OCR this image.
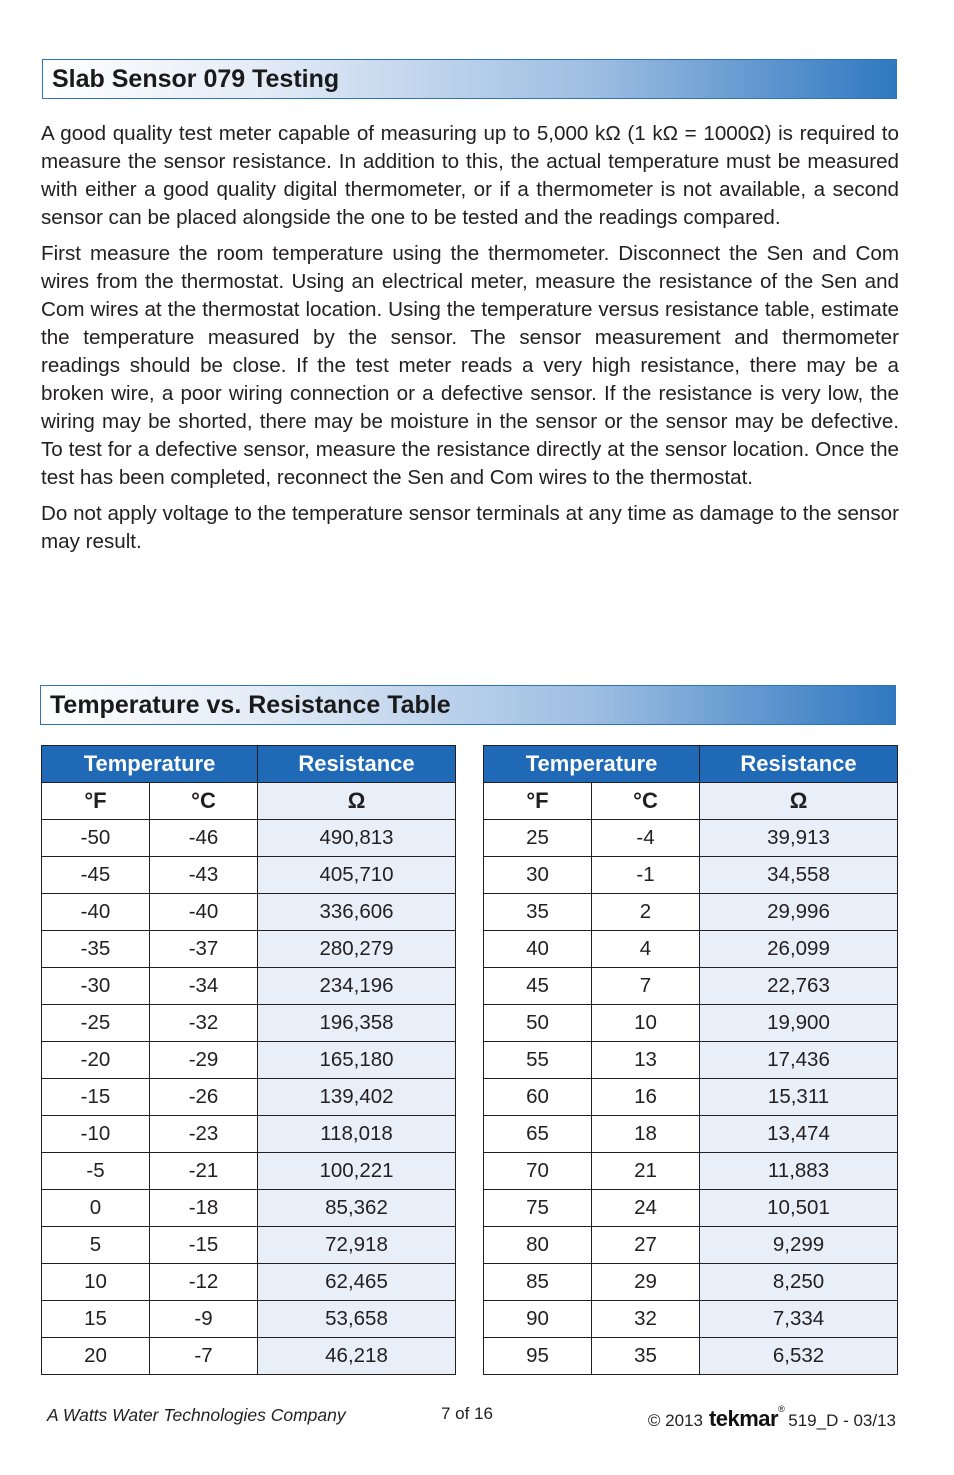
Slab Sensor 079 Testing

A good quality test meter capable of measuring up to 5,000 kΩ (1 kΩ = 1000Ω) is required to measure the sensor resistance. In addition to this, the actual temperature must be measured with either a good quality digital thermometer, or if a thermometer is not available, a second sensor can be placed alongside the one to be tested and the readings compared.

First measure the room temperature using the thermometer. Disconnect the Sen and Com wires from the thermostat. Using an electrical meter, measure the resistance of the Sen and Com wires at the thermostat location. Using the temperature versus resistance table, estimate the temperature measured by the sensor. The sensor measurement and thermometer readings should be close. If the test meter reads a very high resistance, there may be a broken wire, a poor wiring connection or a defective sensor. If the resistance is very low, the wiring may be shorted, there may be moisture in the sensor or the sensor may be defective. To test for a defective sensor, measure the resistance directly at the sensor location. Once the test has been completed, reconnect the Sen and Com wires to the thermostat.

Do not apply voltage to the temperature sensor terminals at any time as damage to the sensor may result.

Temperature vs. Resistance Table
Temperature		Resistance
°F	°C	Ω
-50	-46	490,813
-45	-43	405,710
-40	-40	336,606
-35	-37	280,279
-30	-34	234,196
-25	-32	196,358
-20	-29	165,180
-15	-26	139,402
-10	-23	118,018
-5	-21	100,221
0	-18	85,362
5	-15	72,918
10	-12	62,465
15	-9	53,658
20	-7	46,218
Temperature		Resistance
°F	°C	Ω
25	-4	39,913
30	-1	34,558
35	2	29,996
40	4	26,099
45	7	22,763
50	10	19,900
55	13	17,436
60	16	15,311
65	18	13,474
70	21	11,883
75	24	10,501
80	27	9,299
85	29	8,250
90	32	7,334
95	35	6,532
A Watts Water Technologies Company	7 of 16	© 2013 tekmar®
519_D - 03/13
